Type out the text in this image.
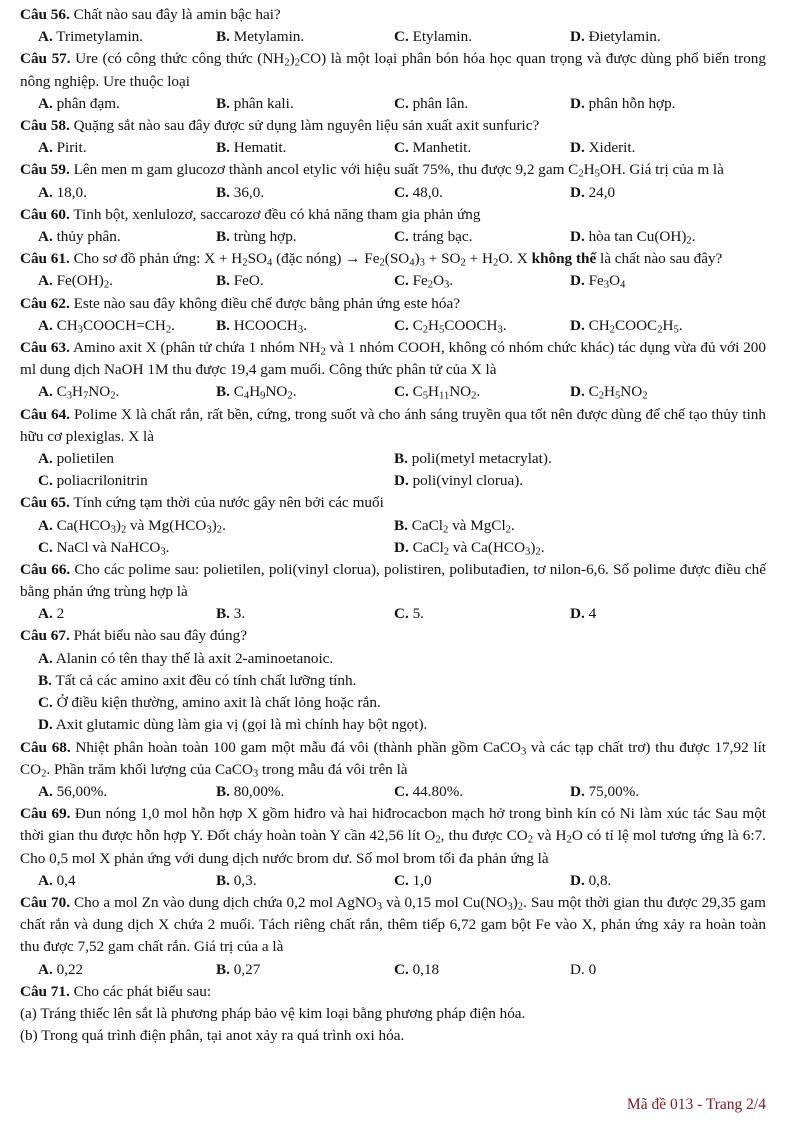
Câu 56. Chất nào sau đây là amin bậc hai?
A. Trimetylamin.	B. Metylamin.	C. Etylamin.	D. Đietylamin.
Câu 57. Ure (có công thức công thức $(NH_2)_2CO$) là một loại phân bón hóa học quan trọng và được dùng phổ biến trong nông nghiệp. Ure thuộc loại
A. phân đạm.	B. phân kali.	C. phân lân.	D. phân hỗn hợp.
Câu 58. Quặng sắt nào sau đây được sử dụng làm nguyên liệu sản xuất axit sunfuric?
A. Pirit.	B. Hematit.	C. Manhetit.	D. Xiderit.
Câu 59. Lên men m gam glucozơ thành ancol etylic với hiệu suất 75%, thu được 9,2 gam $C_2H_5OH$. Giá trị của m là
A. 18,0.	B. 36,0.	C. 48,0.	D. 24,0
Câu 60. Tinh bột, xenlulozơ, saccarozơ đều có khả năng tham gia phản ứng
A. thủy phân.	B. trùng hợp.	C. tráng bạc.	D. hòa $\tan Cu(OH)_2$.
Câu 61. Cho sơ đồ phản ứng: $X + H_2SO_4$ (đặc nóng) → $Fe_2(SO_4)_3 + SO_2 + H_2O$. X không thể là chất nào sau đây?
A. $Fe(OH)_2$.	B. FeO.	C. $Fe_2O_3$.	D. $Fe_3O_4$
Câu 62. Este nào sau đây không điều chế được bằng phản ứng este hóa?
A. $CH_3COOCH=CH_2$.	B. $HCOOCH_3$.	C. $C_2H_5COOCH_3$.	D. $CH_2COOC_2H_5$.
Câu 63. Amino axit X (phân tử chứa 1 nhóm $NH_2$ và 1 nhóm COOH, không có nhóm chức khác) tác dụng vừa đủ với 200 ml dung dịch NaOH 1M thu được 19,4 gam muối. Công thức phân tử của X là
A. $C_3H_7NO_2$.	B. $C_4H_9NO_2$.	C. $C_5H_{11}NO_2$.	D. $C_2H_5NO_2$
Câu 64. Polime X là chất rắn, rất bền, cứng, trong suốt và cho ánh sáng truyền qua tốt nên được dùng để chế tạo thủy tinh hữu cơ plexiglas. X là
A. polietilen	B. poli(metyl metacrylat).
C. poliacrilonitrin	D. poli(vinyl clorua).
Câu 65. Tính cứng tạm thời của nước gây nên bởi các muối
A. $Ca(HCO_3)_2$ và $Mg(HCO_3)_2$.	B. CaCl$_2$ và MgCl$_2$.
C. NaCl và NaHCO$_3$.	D. CaCl$_2$ và $Ca(HCO_3)_2$.
Câu 66. Cho các polime sau: polietilen, poli(vinyl clorua), polistiren, polibutađien, tơ nilon-6,6. Số polime được điều chế bằng phản ứng trùng hợp là
A. 2	B. 3.	C. 5.	D. 4
Câu 67. Phát biểu nào sau đây đúng?
A. Alanin có tên thay thế là axit 2-aminoetanoic.
B. Tất cả các amino axit đều có tính chất lưỡng tính.
C. Ở điều kiện thường, amino axit là chất lỏng hoặc rắn.
D. Axit glutamic dùng làm gia vị (gọi là mì chính hay bột ngọt).
Câu 68. Nhiệt phân hoàn toàn 100 gam một mẫu đá vôi (thành phần gồm CaCO$_3$ và các tạp chất trơ) thu được 17,92 lít $CO_2$. Phần trăm khối lượng của CaCO$_3$ trong mẫu đá vôi trên là
A. 56,00%.	B. 80,00%.	C. 44.80%.	D. 75,00%.
Câu 69. Đun nóng 1,0 mol hỗn hợp X gồm hiđro và hai hiđrocacbon mạch hở trong bình kín có Ni làm xúc tác Sau một thời gian thu được hỗn hợp Y. Đốt cháy hoàn toàn Y cần 42,56 lít $O_2$, thu được $CO_2$ và $H_2O$ có tỉ lệ mol tương ứng là 6:7. Cho 0,5 mol X phản ứng với dung dịch nước brom dư. Số mol brom tối đa phản ứng là
A. 0,4	B. 0,3.	C. 1,0	D. 0,8.
Câu 70. Cho a mol Zn vào dung dịch chứa 0,2 mol AgNO$_3$ và 0,15 mol $Cu(NO_3)_2$. Sau một thời gian thu được 29,35 gam chất rắn và dung dịch X chứa 2 muối. Tách riêng chất rắn, thêm tiếp 6,72 gam bột Fe vào X, phản ứng xảy ra hoàn toàn thu được 7,52 gam chất rắn. Giá trị của a là
A. 0,22	B. 0,27	C. 0,18	D. 0
Câu 71. Cho các phát biểu sau:
(a) Tráng thiếc lên sắt là phương pháp bảo vệ kim loại bằng phương pháp điện hóa.
(b) Trong quá trình điện phân, tại anot xảy ra quá trình oxi hóa.
Mã đề 013 - Trang 2/4
